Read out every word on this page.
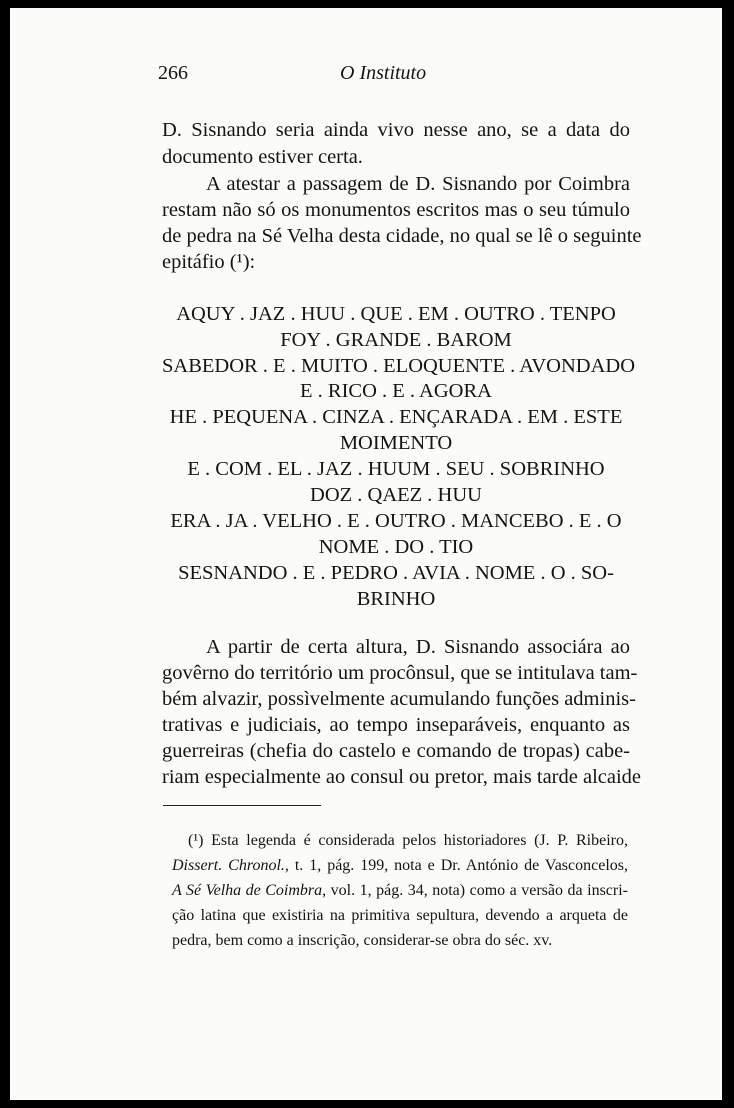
266	O Instituto
D. Sisnando seria ainda vivo nesse ano, se a data do
documento estiver certa.
A atestar a passagem de D. Sisnando por Coimbra
restam não só os monumentos escritos mas o seu túmulo
de pedra na Sé Velha desta cidade, no qual se lê o seguinte
epitáfio (¹):
AQUY . JAZ . HUU . QUE . EM . OUTRO . TENPO
FOY . GRANDE . BAROM
SABEDOR . E . MUITO . ELOQUENTE . AVONDADO
E . RICO . E . AGORA
HE . PEQUENA . CINZA . ENÇARADA . EM . ESTE
MOIMENTO
E . COM . EL . JAZ . HUUM . SEU . SOBRINHO
DOZ . QAEZ . HUU
ERA . JA . VELHO . E . OUTRO . MANCEBO . E . O
NOME . DO . TIO
SESNANDO . E . PEDRO . AVIA . NOME . O . SO-
BRINHO
A partir de certa altura, D. Sisnando associára ao
govêrno do território um procônsul, que se intitulava tam-
bém alvazir, possìvelmente acumulando funções adminis-
trativas e judiciais, ao tempo inseparáveis, enquanto as
guerreiras (chefia do castelo e comando de tropas) cabe-
riam especialmente ao consul ou pretor, mais tarde alcaide
(¹) Esta legenda é considerada pelos historiadores (J. P. Ribeiro,
Dissert. Chronol., t. 1, pág. 199, nota e Dr. António de Vasconcelos,
A Sé Velha de Coimbra, vol. 1, pág. 34, nota) como a versão da inscri-
ção latina que existiria na primitiva sepultura, devendo a arqueta de
pedra, bem como a inscrição, considerar-se obra do séc. xv.
